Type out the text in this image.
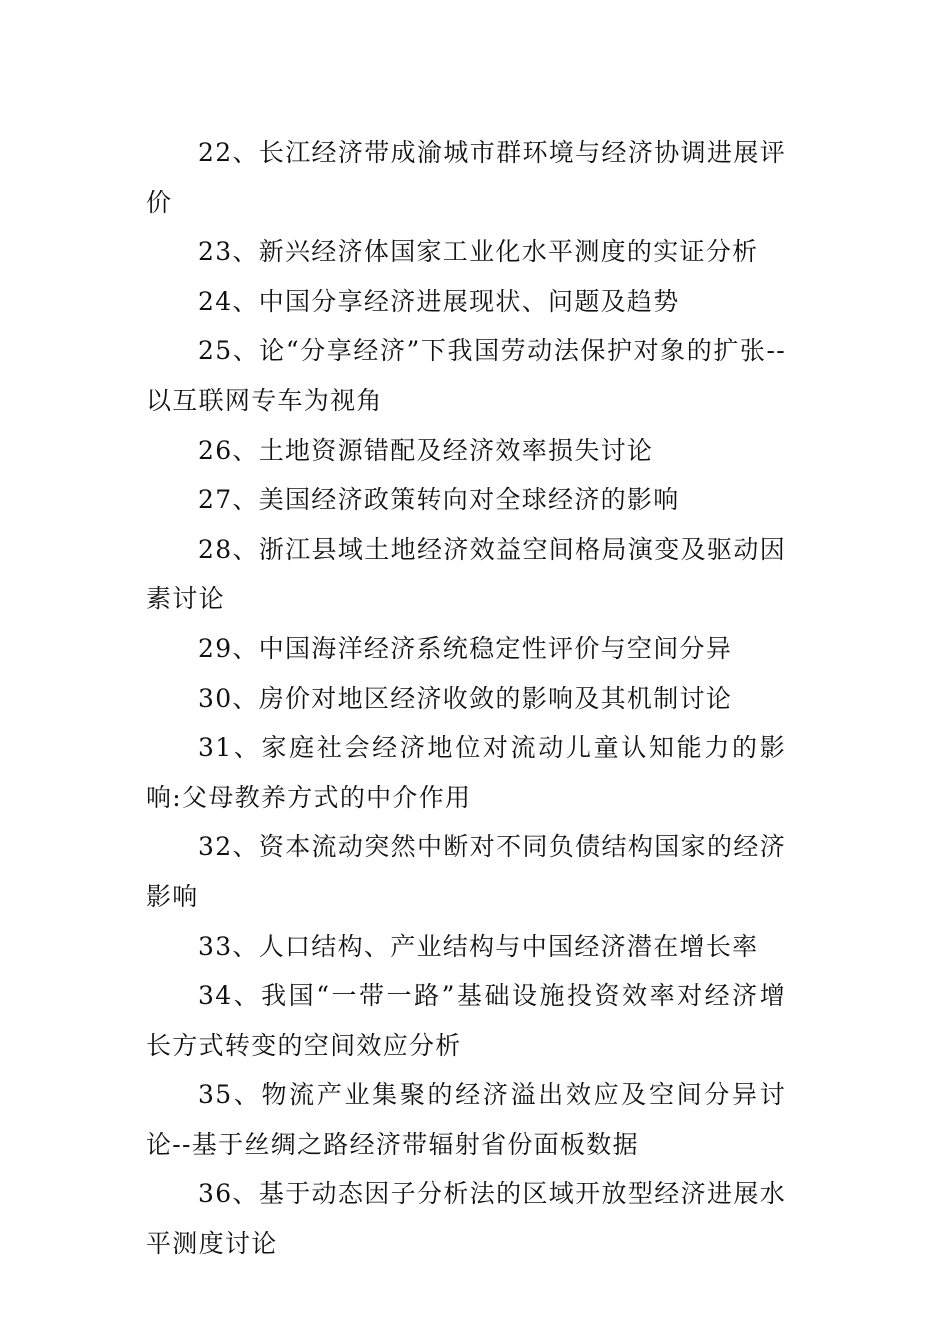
22、长江经济带成渝城市群环境与经济协调进展评价

23、新兴经济体国家工业化水平测度的实证分析

24、中国分享经济进展现状、问题及趋势

25、论“分享经济”下我国劳动法保护对象的扩张--以互联网专车为视角

26、土地资源错配及经济效率损失讨论

27、美国经济政策转向对全球经济的影响

28、浙江县域土地经济效益空间格局演变及驱动因素讨论

29、中国海洋经济系统稳定性评价与空间分异

30、房价对地区经济收敛的影响及其机制讨论

31、家庭社会经济地位对流动儿童认知能力的影响:父母教养方式的中介作用

32、资本流动突然中断对不同负债结构国家的经济影响

33、人口结构、产业结构与中国经济潜在增长率

34、我国“一带一路”基础设施投资效率对经济增长方式转变的空间效应分析

35、物流产业集聚的经济溢出效应及空间分异讨论--基于丝绸之路经济带辐射省份面板数据

36、基于动态因子分析法的区域开放型经济进展水平测度讨论
